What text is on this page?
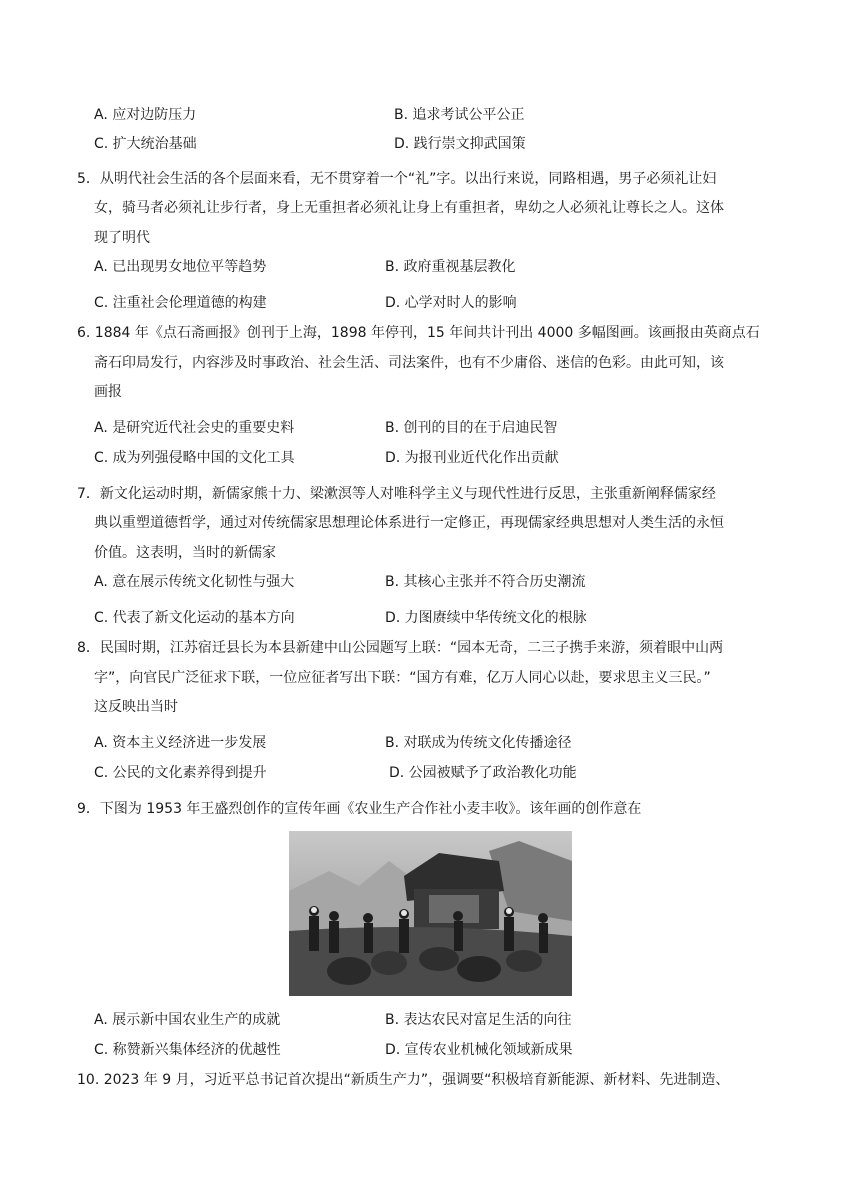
A. 应对边防压力	B. 追求考试公平公正
C. 扩大统治基础	D. 践行崇文抑武国策
5．从明代社会生活的各个层面来看，无不贯穿着一个“礼”字。以出行来说，同路相遇，男子必须礼让妇
女，骑马者必须礼让步行者，身上无重担者必须礼让身上有重担者，卑幼之人必须礼让尊长之人。这体
现了明代
A. 已出现男女地位平等趋势	B. 政府重视基层教化
C. 注重社会伦理道德的构建	D. 心学对时人的影响
6. 1884 年《点石斋画报》创刊于上海，1898 年停刊，15 年间共计刊出 4000 多幅图画。该画报由英商点石
斋石印局发行，内容涉及时事政治、社会生活、司法案件，也有不少庸俗、迷信的色彩。由此可知，该
画报
A. 是研究近代社会史的重要史料	B. 创刊的目的在于启迪民智
C. 成为列强侵略中国的文化工具	D. 为报刊业近代化作出贡献
7．新文化运动时期，新儒家熊十力、梁漱溟等人对唯科学主义与现代性进行反思，主张重新阐释儒家经
典以重塑道德哲学，通过对传统儒家思想理论体系进行一定修正，再现儒家经典思想对人类生活的永恒
价值。这表明，当时的新儒家
A. 意在展示传统文化韧性与强大	B. 其核心主张并不符合历史潮流
C. 代表了新文化运动的基本方向	D. 力图赓续中华传统文化的根脉
8．民国时期，江苏宿迁县长为本县新建中山公园题写上联：“园本无奇，二三子携手来游，须着眼中山两
字”，向官民广泛征求下联，一位应征者写出下联：“国方有难，亿万人同心以赴，要求思主义三民。”
这反映出当时
A. 资本主义经济进一步发展	B. 对联成为传统文化传播途径
C. 公民的文化素养得到提升	D. 公园被赋予了政治教化功能
9．下图为 1953 年王盛烈创作的宣传年画《农业生产合作社小麦丰收》。该年画的创作意在
A. 展示新中国农业生产的成就	B. 表达农民对富足生活的向往
C. 称赞新兴集体经济的优越性	D. 宣传农业机械化领域新成果
10. 2023 年 9 月，习近平总书记首次提出“新质生产力”，强调要“积极培育新能源、新材料、先进制造、
